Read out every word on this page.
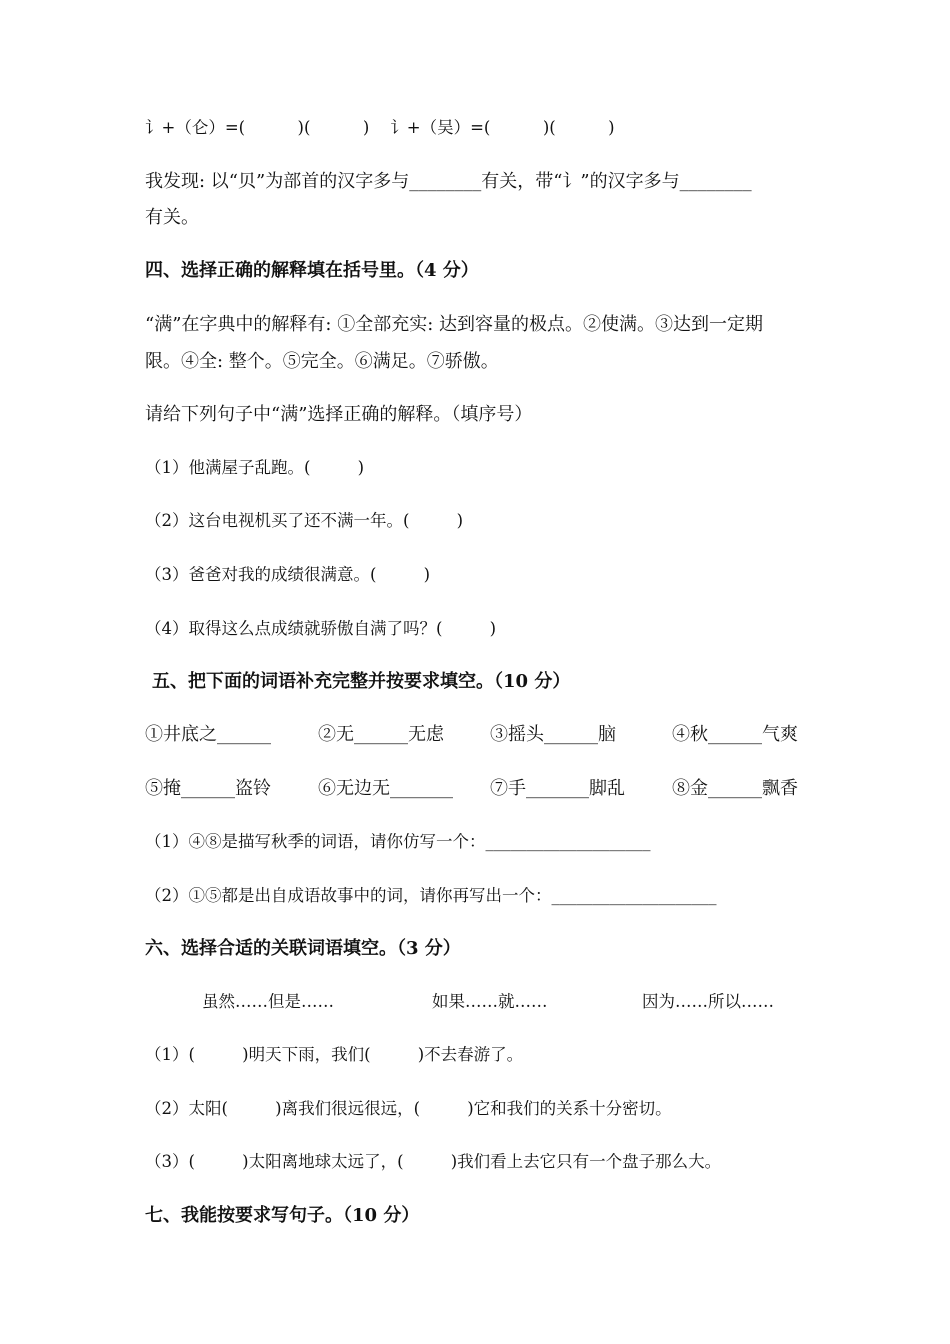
讠+（仑）=(          )(          )    讠+（吴）=(          )(          )
我发现: 以“贝”为部首的汉字多与________有关，带“讠”的汉字多与________
有关。
四、选择正确的解释填在括号里。（4 分）
“满”在字典中的解释有: ①全部充实: 达到容量的极点。②使满。③达到一定期
限。④全: 整个。⑤完全。⑥满足。⑦骄傲。
请给下列句子中“满”选择正确的解释。（填序号）
（1）他满屋子乱跑。(         )
（2）这台电视机买了还不满一年。(         )
（3）爸爸对我的成绩很满意。(         )
（4）取得这么点成绩就骄傲自满了吗？(         )
五、把下面的词语补充完整并按要求填空。（10 分）
①井底之______	②无______无虑	③摇头______脑	④秋______气爽
⑤掩______盗铃	⑥无边无_______ ⑦手_______脚乱	⑧金______飘香
（1）④⑧是描写秋季的词语，请你仿写一个：____________________
（2）①⑤都是出自成语故事中的词，请你再写出一个：____________________
六、选择合适的关联词语填空。（3 分）
虽然……但是……	如果……就……	因为……所以……
（1）(         )明天下雨，我们(         )不去春游了。
（2）太阳(         )离我们很远很远，(         )它和我们的关系十分密切。
（3）(         )太阳离地球太远了，(         )我们看上去它只有一个盘子那么大。
七、我能按要求写句子。（10 分）
